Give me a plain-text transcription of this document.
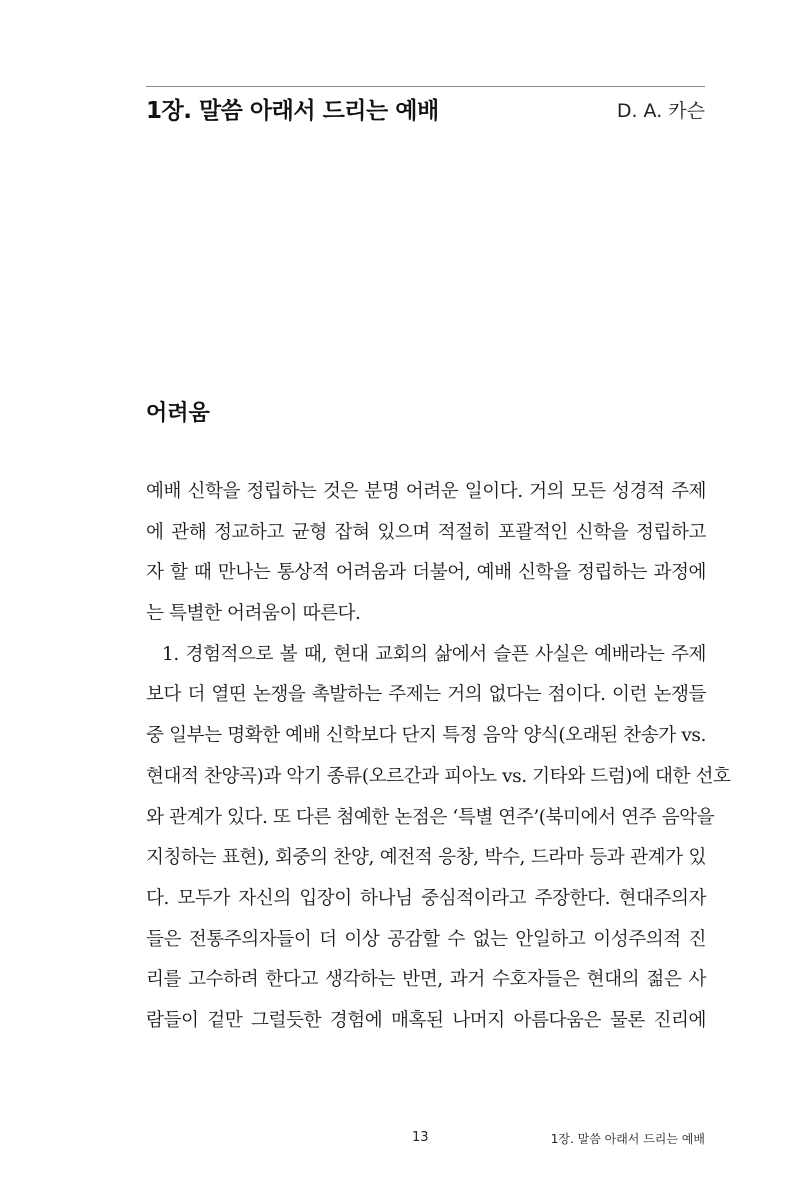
1장. 말씀 아래서 드리는 예배	D. A. 카슨
어려움
예배 신학을 정립하는 것은 분명 어려운 일이다. 거의 모든 성경적 주제
에 관해 정교하고 균형 잡혀 있으며 적절히 포괄적인 신학을 정립하고
자 할 때 만나는 통상적 어려움과 더불어, 예배 신학을 정립하는 과정에
는 특별한 어려움이 따른다.
1. 경험적으로 볼 때, 현대 교회의 삶에서 슬픈 사실은 예배라는 주제
보다 더 열띤 논쟁을 촉발하는 주제는 거의 없다는 점이다. 이런 논쟁들
중 일부는 명확한 예배 신학보다 단지 특정 음악 양식(오래된 찬송가 vs.
현대적 찬양곡)과 악기 종류(오르간과 피아노 vs. 기타와 드럼)에 대한 선호
와 관계가 있다. 또 다른 첨예한 논점은 ‘특별 연주’(북미에서 연주 음악을
지칭하는 표현), 회중의 찬양, 예전적 응창, 박수, 드라마 등과 관계가 있
다. 모두가 자신의 입장이 하나님 중심적이라고 주장한다. 현대주의자
들은 전통주의자들이 더 이상 공감할 수 없는 안일하고 이성주의적 진
리를 고수하려 한다고 생각하는 반면, 과거 수호자들은 현대의 젊은 사
람들이 겉만 그럴듯한 경험에 매혹된 나머지 아름다움은 물론 진리에
13	1장. 말씀 아래서 드리는 예배
